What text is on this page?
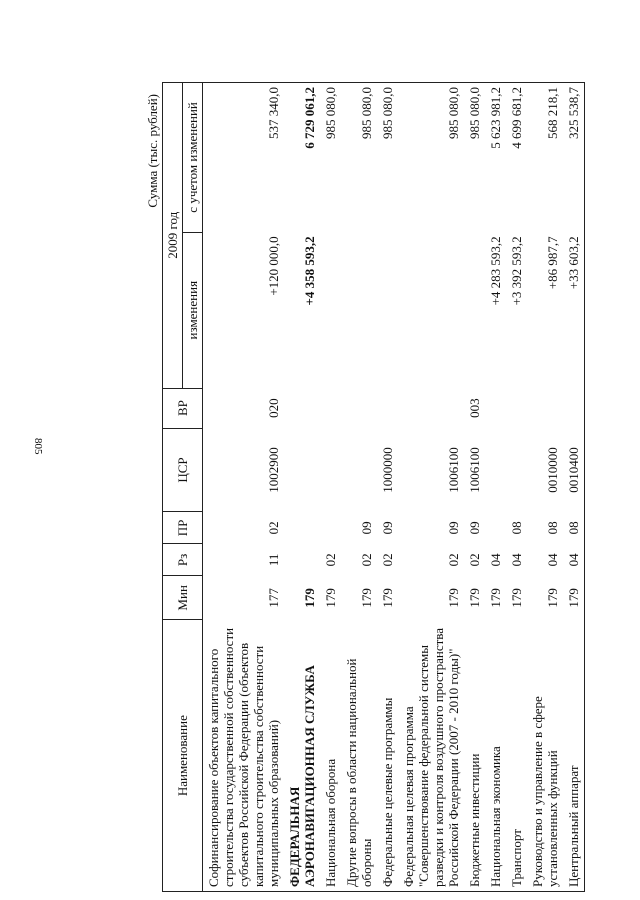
805
Сумма (тыс. рублей)
Наименование	Мин	Рз	ПР	ЦСР	ВР	2009 год	
						изменения	с учетом изменений

Софинансирование объектов капитального строительства государственной собственности субъектов Российской Федерации (объектов капитального строительства собственности муниципальных образований)	177	11	02	1002900	020	+120 000,0	537 340,0
ФЕДЕРАЛЬНАЯ АЭРОНАВИГАЦИОННАЯ СЛУЖБА	179					+4 358 593,2	6 729 061,2
Национальная оборона	179	02					985 080,0
Другие вопросы в области национальной обороны	179	02	09				985 080,0
Федеральные целевые программы	179	02	09	1000000			985 080,0
Федеральная целевая программа "Совершенствование федеральной системы разведки и контроля воздушного пространства Российской Федерации (2007 - 2010 годы)"	179	02	09	1006100			985 080,0
Бюджетные инвестиции	179	02	09	1006100	003		985 080,0
Национальная экономика	179	04				+4 283 593,2	5 623 981,2
Транспорт	179	04	08			+3 392 593,2	4 699 681,2
Руководство и управление в сфере установленных функций	179	04	08	0010000		+86 987,7	568 218,1
Центральный аппарат	179	04	08	0010400		+33 603,2	325 538,7
